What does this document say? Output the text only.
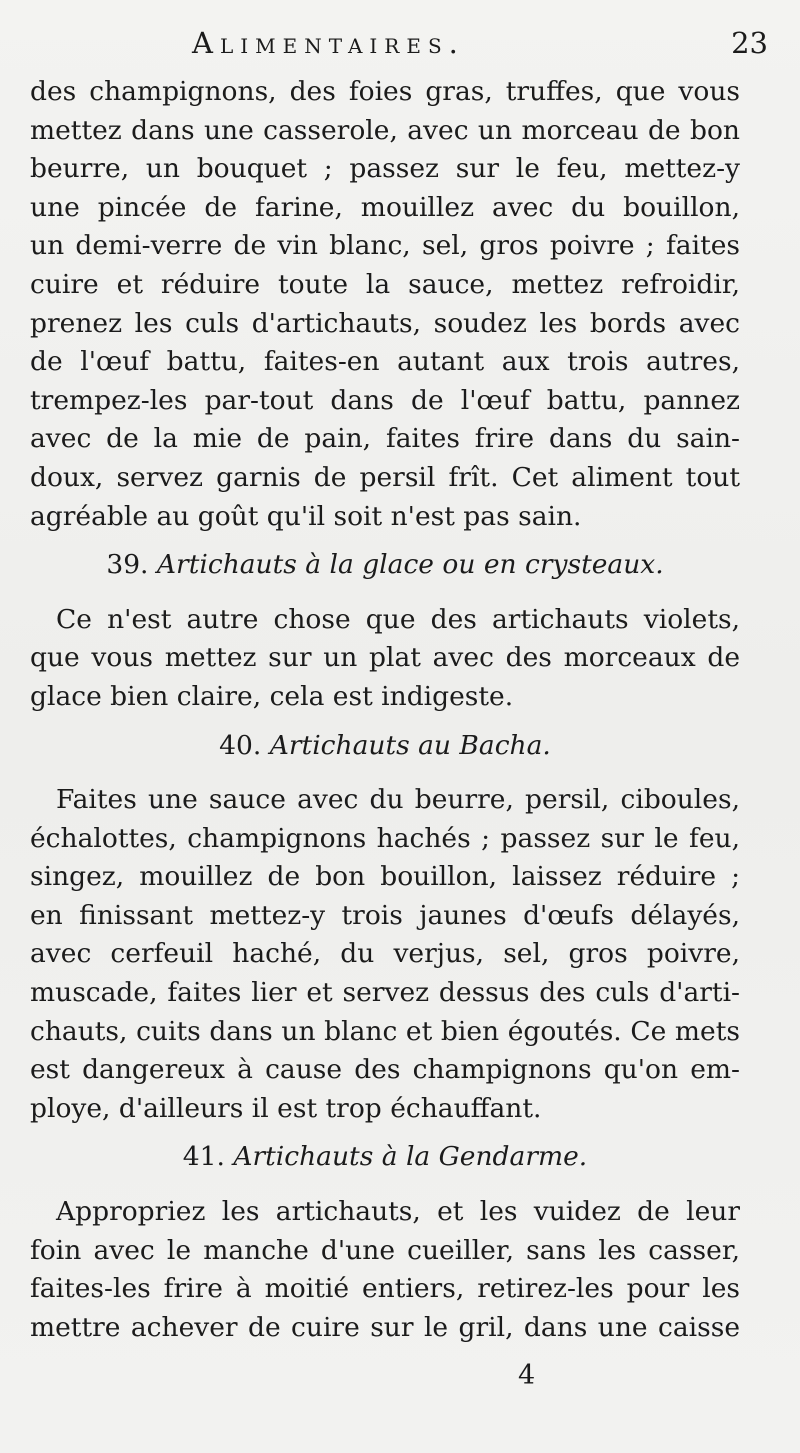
Alimentaires.	23
des champignons, des foies gras, truffes, que vous
mettez dans une casserole, avec un morceau de bon
beurre, un bouquet ; passez sur le feu, mettez-y
une pincée de farine, mouillez avec du bouillon,
un demi-verre de vin blanc, sel, gros poivre ; faites
cuire et réduire toute la sauce, mettez refroidir,
prenez les culs d'artichauts, soudez les bords avec
de l'œuf battu, faites-en autant aux trois autres,
trempez-les par-tout dans de l'œuf battu, pannez
avec de la mie de pain, faites frire dans du sain-
doux, servez garnis de persil frît. Cet aliment tout
agréable au goût qu'il soit n'est pas sain.
39. Artichauts à la glace ou en crysteaux.
Ce n'est autre chose que des artichauts violets,
que vous mettez sur un plat avec des morceaux de
glace bien claire, cela est indigeste.
40. Artichauts au Bacha.
Faites une sauce avec du beurre, persil, ciboules,
échalottes, champignons hachés ; passez sur le feu,
singez, mouillez de bon bouillon, laissez réduire ;
en finissant mettez-y trois jaunes d'œufs délayés,
avec cerfeuil haché, du verjus, sel, gros poivre,
muscade, faites lier et servez dessus des culs d'arti-
chauts, cuits dans un blanc et bien égoutés. Ce mets
est dangereux à cause des champignons qu'on em-
ploye, d'ailleurs il est trop échauffant.
41. Artichauts à la Gendarme.
Appropriez les artichauts, et les vuidez de leur
foin avec le manche d'une cueiller, sans les casser,
faites-les frire à moitié entiers, retirez-les pour les
mettre achever de cuire sur le gril, dans une caisse
4
